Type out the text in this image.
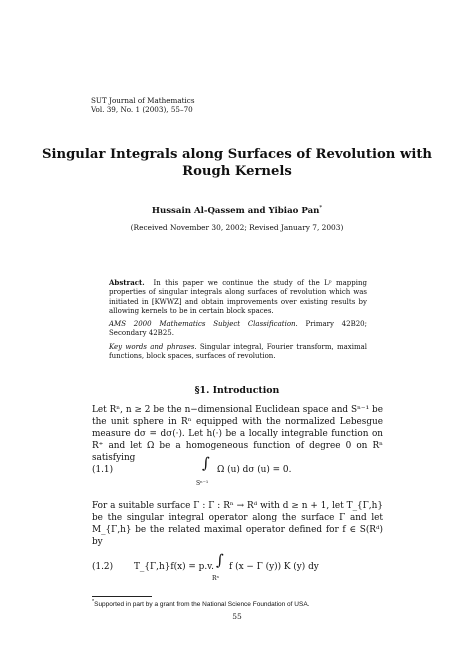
SUT Journal of Mathematics
Vol. 39, No. 1 (2003), 55–70
Singular Integrals along Surfaces of Revolution with
Rough Kernels
Hussain Al-Qassem and Yibiao Pan*
(Received November 30, 2002; Revised January 7, 2003)

Abstract. In this paper we continue the study of the Lᵖ mapping properties of singular integrals along surfaces of revolution which was initiated in [KWWZ] and obtain improvements over existing results by allowing kernels to be in certain block spaces.

AMS 2000 Mathematics Subject Classification. Primary 42B20; Secondary 42B25.

Key words and phrases. Singular integral, Fourier transform, maximal functions, block spaces, surfaces of revolution.

§1. Introduction
Let Rⁿ, n ≥ 2 be the n−dimensional Euclidean space and Sⁿ⁻¹ be the unit sphere in Rⁿ equipped with the normalized Lebesgue measure dσ = dσ(·). Let h(·) be a locally integrable function on R⁺ and let Ω be a homogeneous function of degree 0 on Rⁿ satisfying
(1.1)	∫ Ω (u) dσ (u) = 0.
Sⁿ⁻¹
For a suitable surface Γ : Γ : Rⁿ → Rᵈ with d ≥ n + 1, let T_{Γ,h} be the singular integral operator along the surface Γ and let M_{Γ,h} be the related maximal operator defined for f ∈ S(Rᵈ) by
(1.2) T_{Γ,h}f(x) = p.v. ∫ f (x − Γ (y)) K (y) dy
Rⁿ
*Supported in part by a grant from the National Science Foundation of USA.
55
